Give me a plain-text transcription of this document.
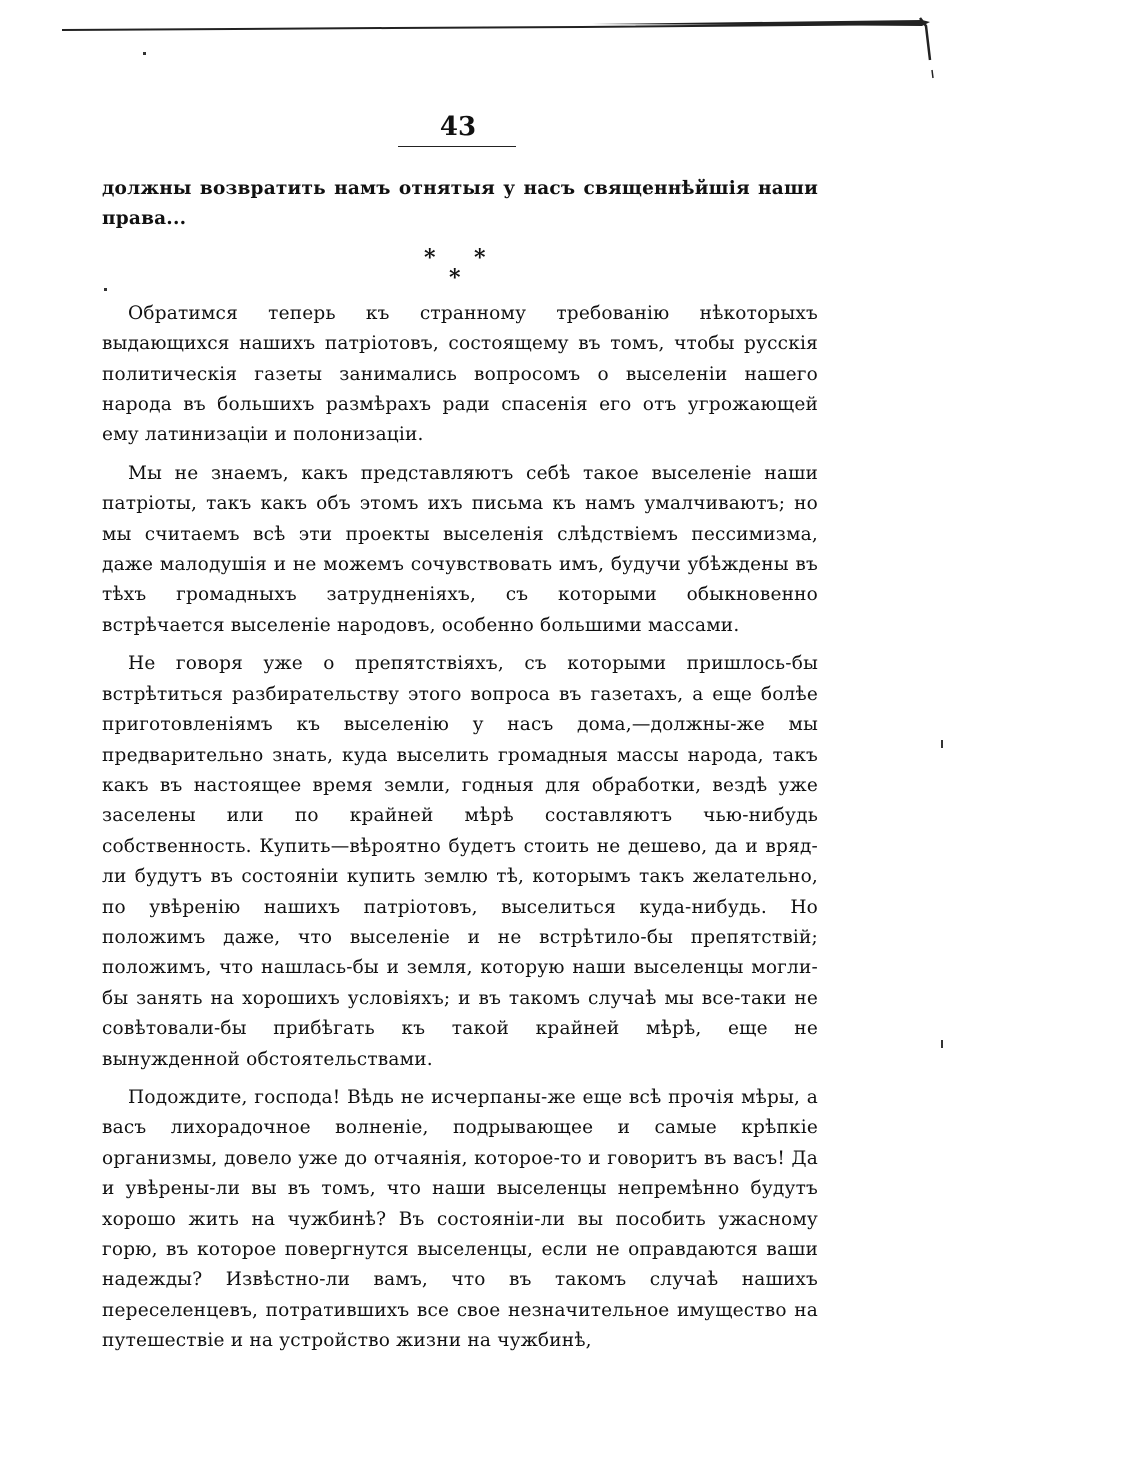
43

должны возвратить намъ отнятыя у насъ священнѣйшія наши права...

* *
*

Обратимся теперь къ странному требованію нѣкоторыхъ выдающихся нашихъ патріотовъ, состоящему въ томъ, чтобы русскія политическія газеты занимались вопросомъ о выселеніи нашего народа въ большихъ размѣрахъ ради спасенія его отъ угрожающей ему латинизаціи и полонизаціи.

Мы не знаемъ, какъ представляютъ себѣ такое выселеніе наши патріоты, такъ какъ объ этомъ ихъ письма къ намъ умалчиваютъ; но мы считаемъ всѣ эти проекты выселенія слѣдствіемъ пессимизма, даже малодушія и не можемъ сочувствовать имъ, будучи убѣждены въ тѣхъ громадныхъ затрудненіяхъ, съ которыми обыкновенно встрѣчается выселеніе народовъ, особенно большими массами.

Не говоря уже о препятствіяхъ, съ которыми пришлось-бы встрѣтиться разбирательству этого вопроса въ газетахъ, а еще болѣе приготовленіямъ къ выселенію у насъ дома,—должны-же мы предварительно знать, куда выселить громадныя массы народа, такъ какъ въ настоящее время земли, годныя для обработки, вездѣ уже заселены или по крайней мѣрѣ составляютъ чью-нибудь собственность. Купить—вѣроятно будетъ стоить не дешево, да и вряд-ли будутъ въ состояніи купить землю тѣ, которымъ такъ желательно, по увѣренію нашихъ патріотовъ, выселиться куда-нибудь. Но положимъ даже, что выселеніе и не встрѣтило-бы препятствій; положимъ, что нашлась-бы и земля, которую наши выселенцы могли-бы занять на хорошихъ условіяхъ; и въ такомъ случаѣ мы все-таки не совѣтовали-бы прибѣгать къ такой крайней мѣрѣ, еще не вынужденной обстоятельствами.

Подождите, господа! Вѣдь не исчерпаны-же еще всѣ прочія мѣры, а васъ лихорадочное волненіе, подрывающее и самые крѣпкіе организмы, довело уже до отчаянія, которое-то и говоритъ въ васъ! Да и увѣрены-ли вы въ томъ, что наши выселенцы непремѣнно будутъ хорошо жить на чужбинѣ? Въ состояніи-ли вы пособить ужасному горю, въ которое повергнутся выселенцы, если не оправдаются ваши надежды? Извѣстно-ли вамъ, что въ такомъ случаѣ нашихъ переселенцевъ, потратившихъ все свое незначительное имущество на путешествіе и на устройство жизни на чужбинѣ,
